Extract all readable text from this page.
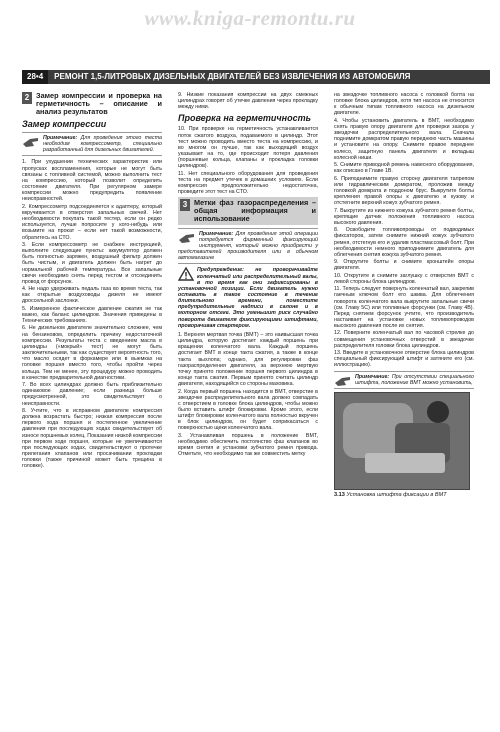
www.kniga-remontu.ru
28•4 РЕМОНТ 1,5-ЛИТРОВЫХ ДИЗЕЛЬНЫХ ДВИГАТЕЛЕЙ БЕЗ ИЗВЛЕЧЕНИЯ ИЗ АВТОМОБИЛЯ
2 Замер компрессии и проверка на герметичность – описание и анализ результатов
Замер компрессии
Примечание: Для проведения этого теста необходим компрессометр, специально разработанный для дизельных двигателей.

1. При ухудшении технических характеристик или пропусках воспламенения, которые не могут быть связаны с топливной системой, можно выполнить тест на компрессию, который позволит определить состояние двигателя. При регулярном замере компрессии можно предупредить появление неисправностей.

2. Компрессометр подсоединяется к адаптеру, который вкручивается в отверстия запальных свечей. Нет необходимости покупать такой тестер, если он редко используется, лучше попросите у кого-нибудь или возьмите на прокат – если нет такой возможности, обратитесь на СТО.

3. Если компрессометр не снабжен инструкцией, выполните следующие пункты: аккумулятор должен быть полностью заряжен, воздушный фильтр должен быть чистым, и двигатель должен быть нагрет до нормальной рабочей температуры. Все запальные свечи необходимо снять перед тестом и отсоединить провод от форсунок.

4. Не надо удерживать педаль газа во время теста, так как открытые воздуховоды дизеля не имеют дроссельной заслонки.

5. Измеренное фактическое давление сжатия не так важно, как баланс цилиндров. Значения приведены в Технических требованиях.

6. Не дизельном двигателе значительно сложнее, чем на бензиновом, определить причину недостаточной компрессии. Результаты теста с введением масла в цилиндры («мокрый» тест) не могут быть заключительными, так как существует вероятность того, что масло осядет в форкамере или в выемках на головке поршня вместо того, чтобы пройти через кольца. Тем не менее, эту процедуру можно проводить в качестве предварительной диагностики.

7. Во всех цилиндрах должно быть приблизительно одинаковое давление; если разница больше предусмотренной, это свидетельствует о неисправности.

8. Учтите, что в исправном двигателе компрессия должна возрастать быстро; низкая компрессия после первого хода поршня и постепенное увеличение давления при последующих ходах свидетельствует об износе поршневых колец. Показания низкой компрессии при первом ходе поршня, которые не увеличиваются при последующих ходах, свидетельствуют о протечке прилегания клапанов или просачивании прокладки головки (также причиной может быть трещина в головке).

9. Низкие показания компрессии на двух смежных цилиндрах говорят об утечке давления через прокладку между ними.

Проверка на герметичность

10. При проверке на герметичность устанавливается поток сжатого воздуха, подаваемого в цилиндр. Этот тест можно проводить вместо теста на компрессию, и во многом он лучше, так как выходящий воздух указывает на то, где происходит потеря давления (поршневые кольца, клапаны и прокладка головки цилиндров).

11. Нет специального оборудования для проведения теста на предмет утечек в домашних условиях. Если компрессия предположительно недостаточна, проведите этот тест на СТО.

3 Метки фаз газораспределения – общая информация и использование
Примечание: Для проведения этой операции потребуется фирменный фиксирующий инструмент, который можно приобрести у представителей производителя или в обычном автомагазине
Предупреждение: не проворачивайте коленчатый или распределительный валы, в то время как они зафиксированы в установочной позиции. Если двигатель нужно оставить в такое состояние в течение длительного времени, поместите предупредительные надписи в салоне и в моторном отсеке. Это уменьшит риск случайно поворота двигателя фиксирующими штифтами, проворачивая стартером.

1. Верхняя мертвая точка (ВМТ) – это наивысшая точка цилиндра, которую достигает каждый поршень при вращении коленчатого вала. Каждый поршень достигает ВМТ в конце такта сжатия, а также в конце такта выхлопа; однако, для регулировки фаз газораспределения двигателя, за верхнюю мертвую точку принято положение поршня первого цилиндра в конце такта сжатия. Первым принято считать цилиндр двигателя, находящийся со стороны маховика.

2. Когда первый поршень находится в ВМТ, отверстие в звездочке распределительного вала должно совпадать с отверстием в головке блока цилиндров, чтобы можно было вставить штифт блокировки. Кроме этого, если штифт блокировки коленчатого вала полностью вкручен в блок цилиндров, он будет соприкасаться с поверхностью щеки коленчатого вала.

3. Устанавливая поршень в положение ВМТ, необходимо обеспечить постоянство фаз клапанов во время снятия и установки зубчатого ремня привода. Отметьте, что необходимо так же совместить метку

на звездочке топливного насоса с головкой болта на головке блока цилиндров, хотя тип насоса не относится к обычным типам топливного насоса на дизельном двигателе.

4. Чтобы установить двигатель в ВМТ, необходимо снять правую опору двигателя для проверки зазора у звездочки распределительного вала. Сначала поднимите домкратом правую переднюю часть машины и установите на опору. Снимите правое переднее колесо, защитную панель двигателя и вкладыш колесной ниши.

5. Снимите приводной ремень навесного оборудования, как описано в Главе 1В.

6. Приподнимите правую сторону двигателя талрепом или гидравлическим домкратом, проложив между головкой домкрата и поддоном брус. Выкрутите болты крепления правой опоры к двигателю и кузову и отстегните верхний кожух зубчатого ремня.

7. Выкрутите из нижнего кожуха зубчатого ремня болты, крепящие датчик положения топливного насоса высокого давления.

8. Освободите топливопроводы от подводимых фиксаторов, затем снимите нижний кожух зубчатого ремня, отстегнув его и удалив пластмассовый болт. При необходимости немного приподнимите двигатель для облегчения снятия кожуха зубчатого ремня.

9. Открутите болты и снимите кронштейн опоры двигателя.

10. Открутите и снимите заглушку с отверстия ВМТ с левой стороны блока цилиндров.

11. Теперь следует повернуть коленчатый вал, закрепив гаечным ключом болт его шкива. Для облегчения поворота коленчатого вала выкрутите запальные свечи (см. Главу 5С) или топливные форсунки (см. Главу 4В). Перед снятием форсунок учтите, что производитель настаивает на установке новых топливопроводов высокого давления после их снятия.

12. Поверните коленчатый вал по часовой стрелке до совмещения установочных отверстий в звездочке распределителя головки блока цилиндров.

13. Введите в установочное отверстие блока цилиндров специальный фиксирующий штифт и затяните его (см. иллюстрацию).

Примечание: При отсутствии специального штифта, положение ВМТ можно установить,
3.13 Установка штифта фиксации в ВМТ
